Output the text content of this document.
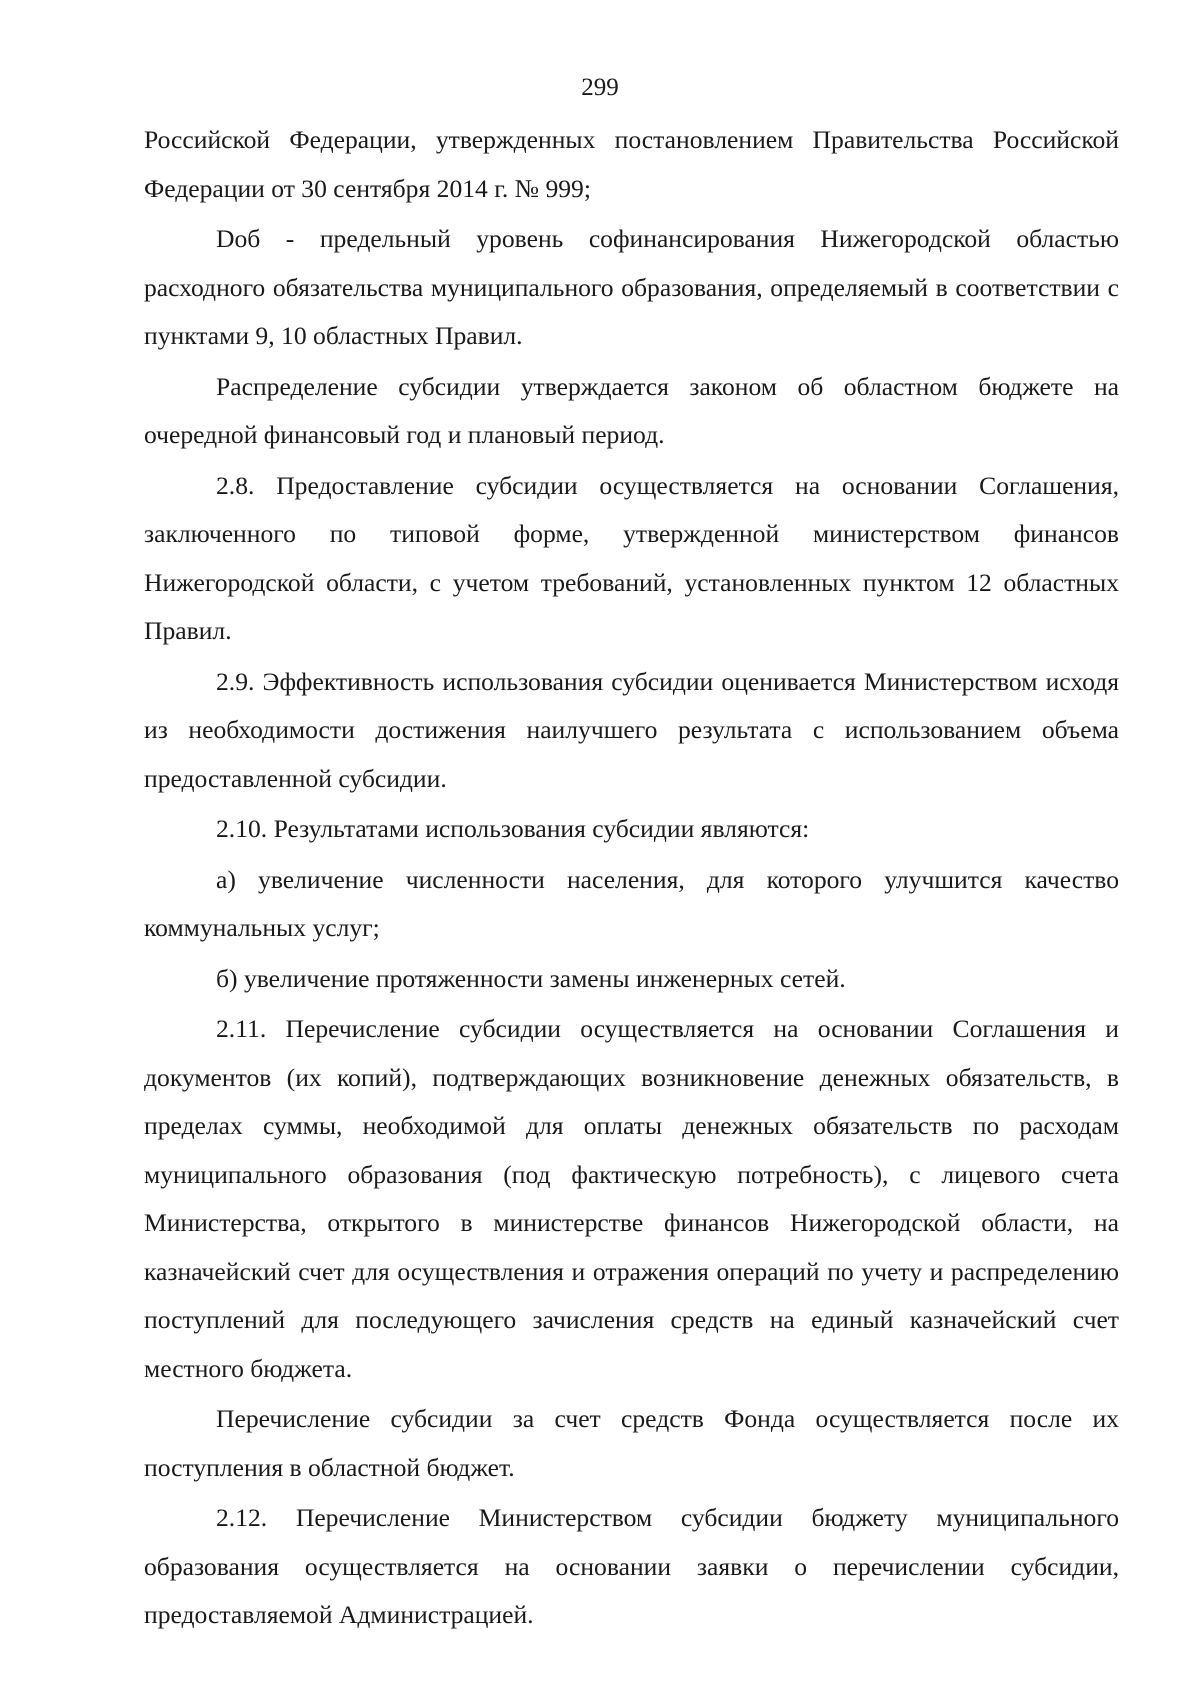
299

Российской Федерации, утвержденных постановлением Правительства Российской Федерации от 30 сентября 2014 г. № 999;

Dоб - предельный уровень софинансирования Нижегородской областью расходного обязательства муниципального образования, определяемый в соответствии с пунктами 9, 10 областных Правил.

Распределение субсидии утверждается законом об областном бюджете на очередной финансовый год и плановый период.

2.8. Предоставление субсидии осуществляется на основании Соглашения, заключенного по типовой форме, утвержденной министерством финансов Нижегородской области, с учетом требований, установленных пунктом 12 областных Правил.

2.9. Эффективность использования субсидии оценивается Министерством исходя из необходимости достижения наилучшего результата с использованием объема предоставленной субсидии.

2.10. Результатами использования субсидии являются:

а) увеличение численности населения, для которого улучшится качество коммунальных услуг;

б) увеличение протяженности замены инженерных сетей.

2.11. Перечисление субсидии осуществляется на основании Соглашения и документов (их копий), подтверждающих возникновение денежных обязательств, в пределах суммы, необходимой для оплаты денежных обязательств по расходам муниципального образования (под фактическую потребность), с лицевого счета Министерства, открытого в министерстве финансов Нижегородской области, на казначейский счет для осуществления и отражения операций по учету и распределению поступлений для последующего зачисления средств на единый казначейский счет местного бюджета.

Перечисление субсидии за счет средств Фонда осуществляется после их поступления в областной бюджет.

2.12. Перечисление Министерством субсидии бюджету муниципального образования осуществляется на основании заявки о перечислении субсидии, предоставляемой Администрацией.
